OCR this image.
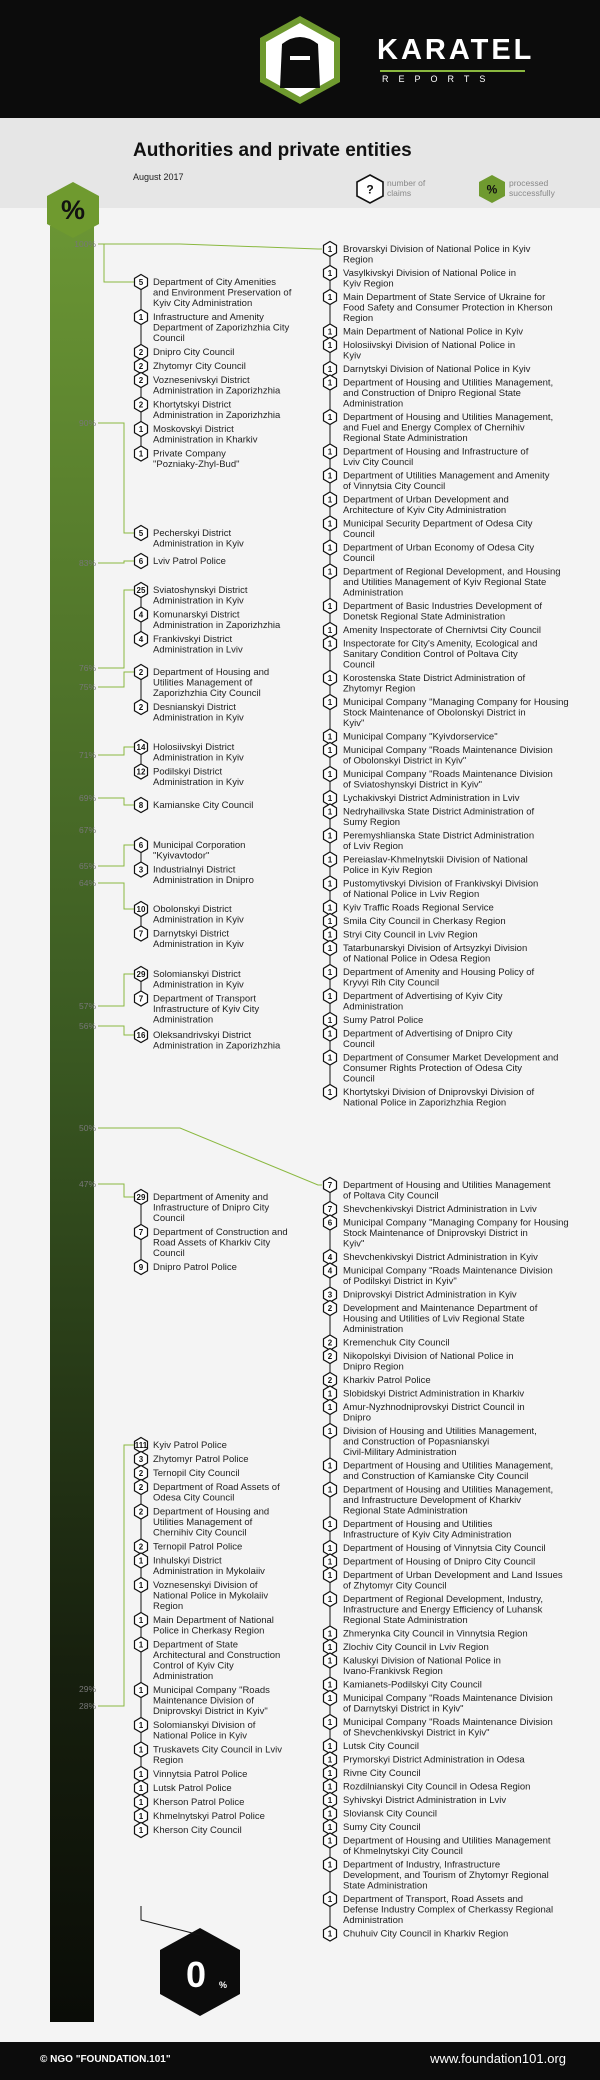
KARATEL
REPORTS
Authorities and private entities
August 2017
? number of claims	% processed successfully
%
0 %
100%
90%
83%
76%
75%
71%
69%
67%
65%
64%
57%
56%
50%
47%
29%
28%
5 Department of City Amenities
and Environment Preservation of
Kyiv City Administration
1 Infrastructure and Amenity
Department of Zaporizhzhia City
Council
2 Dnipro City Council
2 Zhytomyr City Council
2 Voznesenivskyi District
Administration in Zaporizhzhia
2 Khortytskyi District
Administration in Zaporizhzhia
1 Moskovskyi District
Administration in Kharkiv
1 Private Company
"Pozniaky-Zhyl-Bud"
1 Brovarskyi Division of National Police in Kyiv
Region
1 Vasylkivskyi Division of National Police in
Kyiv Region
1 Main Department of State Service of Ukraine for
Food Safety and Consumer Protection in Kherson
Region
1 Main Department of National Police in Kyiv
1 Holosiivskyi Division of National Police in
Kyiv
1 Darnytskyi Division of National Police in Kyiv
1 Department of Housing and Utilities Management,
and Construction of Dnipro Regional State
Administration
1 Department of Housing and Utilities Management,
and Fuel and Energy Complex of Chernihiv
Regional State Administration
1 Department of Housing and Infrastructure of
Lviv City Council
1 Department of Utilities Management and Amenity
of Vinnytsia City Council
1 Department of Urban Development and
Architecture of Kyiv City Administration
1 Municipal Security Department of Odesa City
Council
1 Department of Urban Economy of Odesa City
Council
1 Department of Regional Development, and Housing
and Utilities Management of Kyiv Regional State
Administration
1 Department of Basic Industries Development of
Donetsk Regional State Administration
1 Amenity Inspectorate of Chernivtsi City Council
1 Inspectorate for City's Amenity, Ecological and
Sanitary Condition Control of Poltava City
Council
1 Korostenska State District Administration of
Zhytomyr Region
1 Municipal Company "Managing Company for Housing
Stock Maintenance of Obolonskyi District in
Kyiv"
1 Municipal Company "Kyivdorservice"
1 Municipal Company "Roads Maintenance Division
of Obolonskyi District in Kyiv"
1 Municipal Company "Roads Maintenance Division
of Sviatoshynskyi District in Kyiv"
1 Lychakivskyi District Administration in Lviv
1 Nedryhailivska State District Administration of
Sumy Region
1 Peremyshlianska State District Administration
of Lviv Region
1 Pereiaslav-Khmelnytskii Division of National
Police in Kyiv Region
1 Pustomytivskyi Division of Frankivskyi Division
of National Police in Lviv Region
1 Kyiv Traffic Roads Regional Service
1 Smila City Council in Cherkasy Region
1 Stryi City Council in Lviv Region
1 Tatarbunarskyi Division of Artsyzkyi Division
of National Police in Odesa Region
1 Department of Amenity and Housing Policy of
Kryvyi Rih City Council
1 Department of Advertising of Kyiv City
Administration
1 Sumy Patrol Police
1 Department of Advertising of Dnipro City
Council
1 Department of Consumer Market Development and
Consumer Rights Protection of Odesa City
Council
1 Khortytskyi Division of Dniprovskyi Division of
National Police in Zaporizhzhia Region
5 Pecherskyi District
Administration in Kyiv
6 Lviv Patrol Police
25 Sviatoshynskyi District
Administration in Kyiv
4 Komunarskyi District
Administration in Zaporizhzhia
4 Frankivskyi District
Administration in Lviv
2 Department of Housing and
Utilities Management of
Zaporizhzhia City Council
2 Desnianskyi District
Administration in Kyiv
14 Holosiivskyi District
Administration in Kyiv
12 Podilskyi District
Administration in Kyiv
8 Kamianske City Council
6 Municipal Corporation
"Kyivavtodor"
3 Industrialnyi District
Administration in Dnipro
10 Obolonskyi District
Administration in Kyiv
7 Darnytskyi District
Administration in Kyiv
29 Solomianskyi District
Administration in Kyiv
7 Department of Transport
Infrastructure of Kyiv City
Administration
16 Oleksandrivskyi District
Administration in Zaporizhzhia
7 Department of Housing and Utilities Management
of Poltava City Council
7 Shevchenkivskyi District Administration in Lviv
6 Municipal Company "Managing Company for Housing
Stock Maintenance of Dniprovskyi District in
Kyiv"
4 Shevchenkivskyi District Administration in Kyiv
4 Municipal Company "Roads Maintenance Division
of Podilskyi District in Kyiv"
3 Dniprovskyi District Administration in Kyiv
2 Development and Maintenance Department of
Housing and Utilities of Lviv Regional State
Administration
2 Kremenchuk City Council
2 Nikopolskyi Division of National Police in
Dnipro Region
2 Kharkiv Patrol Police
1 Slobidskyi District Administration in Kharkiv
1 Amur-Nyzhnodniprovskyi District Council in
Dnipro
1 Division of Housing and Utilities Management,
and Construction of Popasnianskyi
Civil-Military Administration
1 Department of Housing and Utilities Management,
and Construction of Kamianske City Council
1 Department of Housing and Utilities Management,
and Infrastructure Development of Kharkiv
Regional State Administration
1 Department of Housing and Utilities
Infrastructure of Kyiv City Administration
1 Department of Housing of Vinnytsia City Council
1 Department of Housing of Dnipro City Council
1 Department of Urban Development and Land Issues
of Zhytomyr City Council
1 Department of Regional Development, Industry,
Infrastructure and Energy Efficiency of Luhansk
Regional State Administration
1 Zhmerynka City Council in Vinnytsia Region
1 Zlochiv City Council in Lviv Region
1 Kaluskyi Division of National Police in
Ivano-Frankivsk Region
1 Kamianets-Podilskyi City Council
1 Municipal Company "Roads Maintenance Division
of Darnytskyi District in Kyiv"
1 Municipal Company "Roads Maintenance Division
of Shevchenkivskyi District in Kyiv"
1 Lutsk City Council
1 Prymorskyi District Administration in Odesa
1 Rivne City Council
1 Rozdilnianskyi City Council in Odesa Region
1 Syhivskyi District Administration in Lviv
1 Sloviansk City Council
1 Sumy City Council
1 Department of Housing and Utilities Management
of Khmelnytskyi City Council
1 Department of Industry, Infrastructure
Development, and Tourism of Zhytomyr Regional
State Administration
1 Department of Transport, Road Assets and
Defense Industry Complex of Cherkassy Regional
Administration
1 Chuhuiv City Council in Kharkiv Region
29 Department of Amenity and
Infrastructure of Dnipro City
Council
7 Department of Construction and
Road Assets of Kharkiv City
Council
9 Dnipro Patrol Police
111 Kyiv Patrol Police
3 Zhytomyr Patrol Police
2 Ternopil City Council
2 Department of Road Assets of
Odesa City Council
2 Department of Housing and
Utilities Management of
Chernihiv City Council
2 Ternopil Patrol Police
1 Inhulskyi District
Administration in Mykolaiiv
1 Voznesenskyi Division of
National Police in Mykolaiiv
Region
1 Main Department of National
Police in Cherkasy Region
1 Department of State
Architectural and Construction
Control of Kyiv City
Administration
1 Municipal Company "Roads
Maintenance Division of
Dniprovskyi District in Kyiv"
1 Solomianskyi Division of
National Police in Kyiv
1 Truskavets City Council in Lviv
Region
1 Vinnytsia Patrol Police
1 Lutsk Patrol Police
1 Kherson Patrol Police
1 Khmelnytskyi Patrol Police
1 Kherson City Council
© NGO "FOUNDATION.101"	www.foundation101.org
